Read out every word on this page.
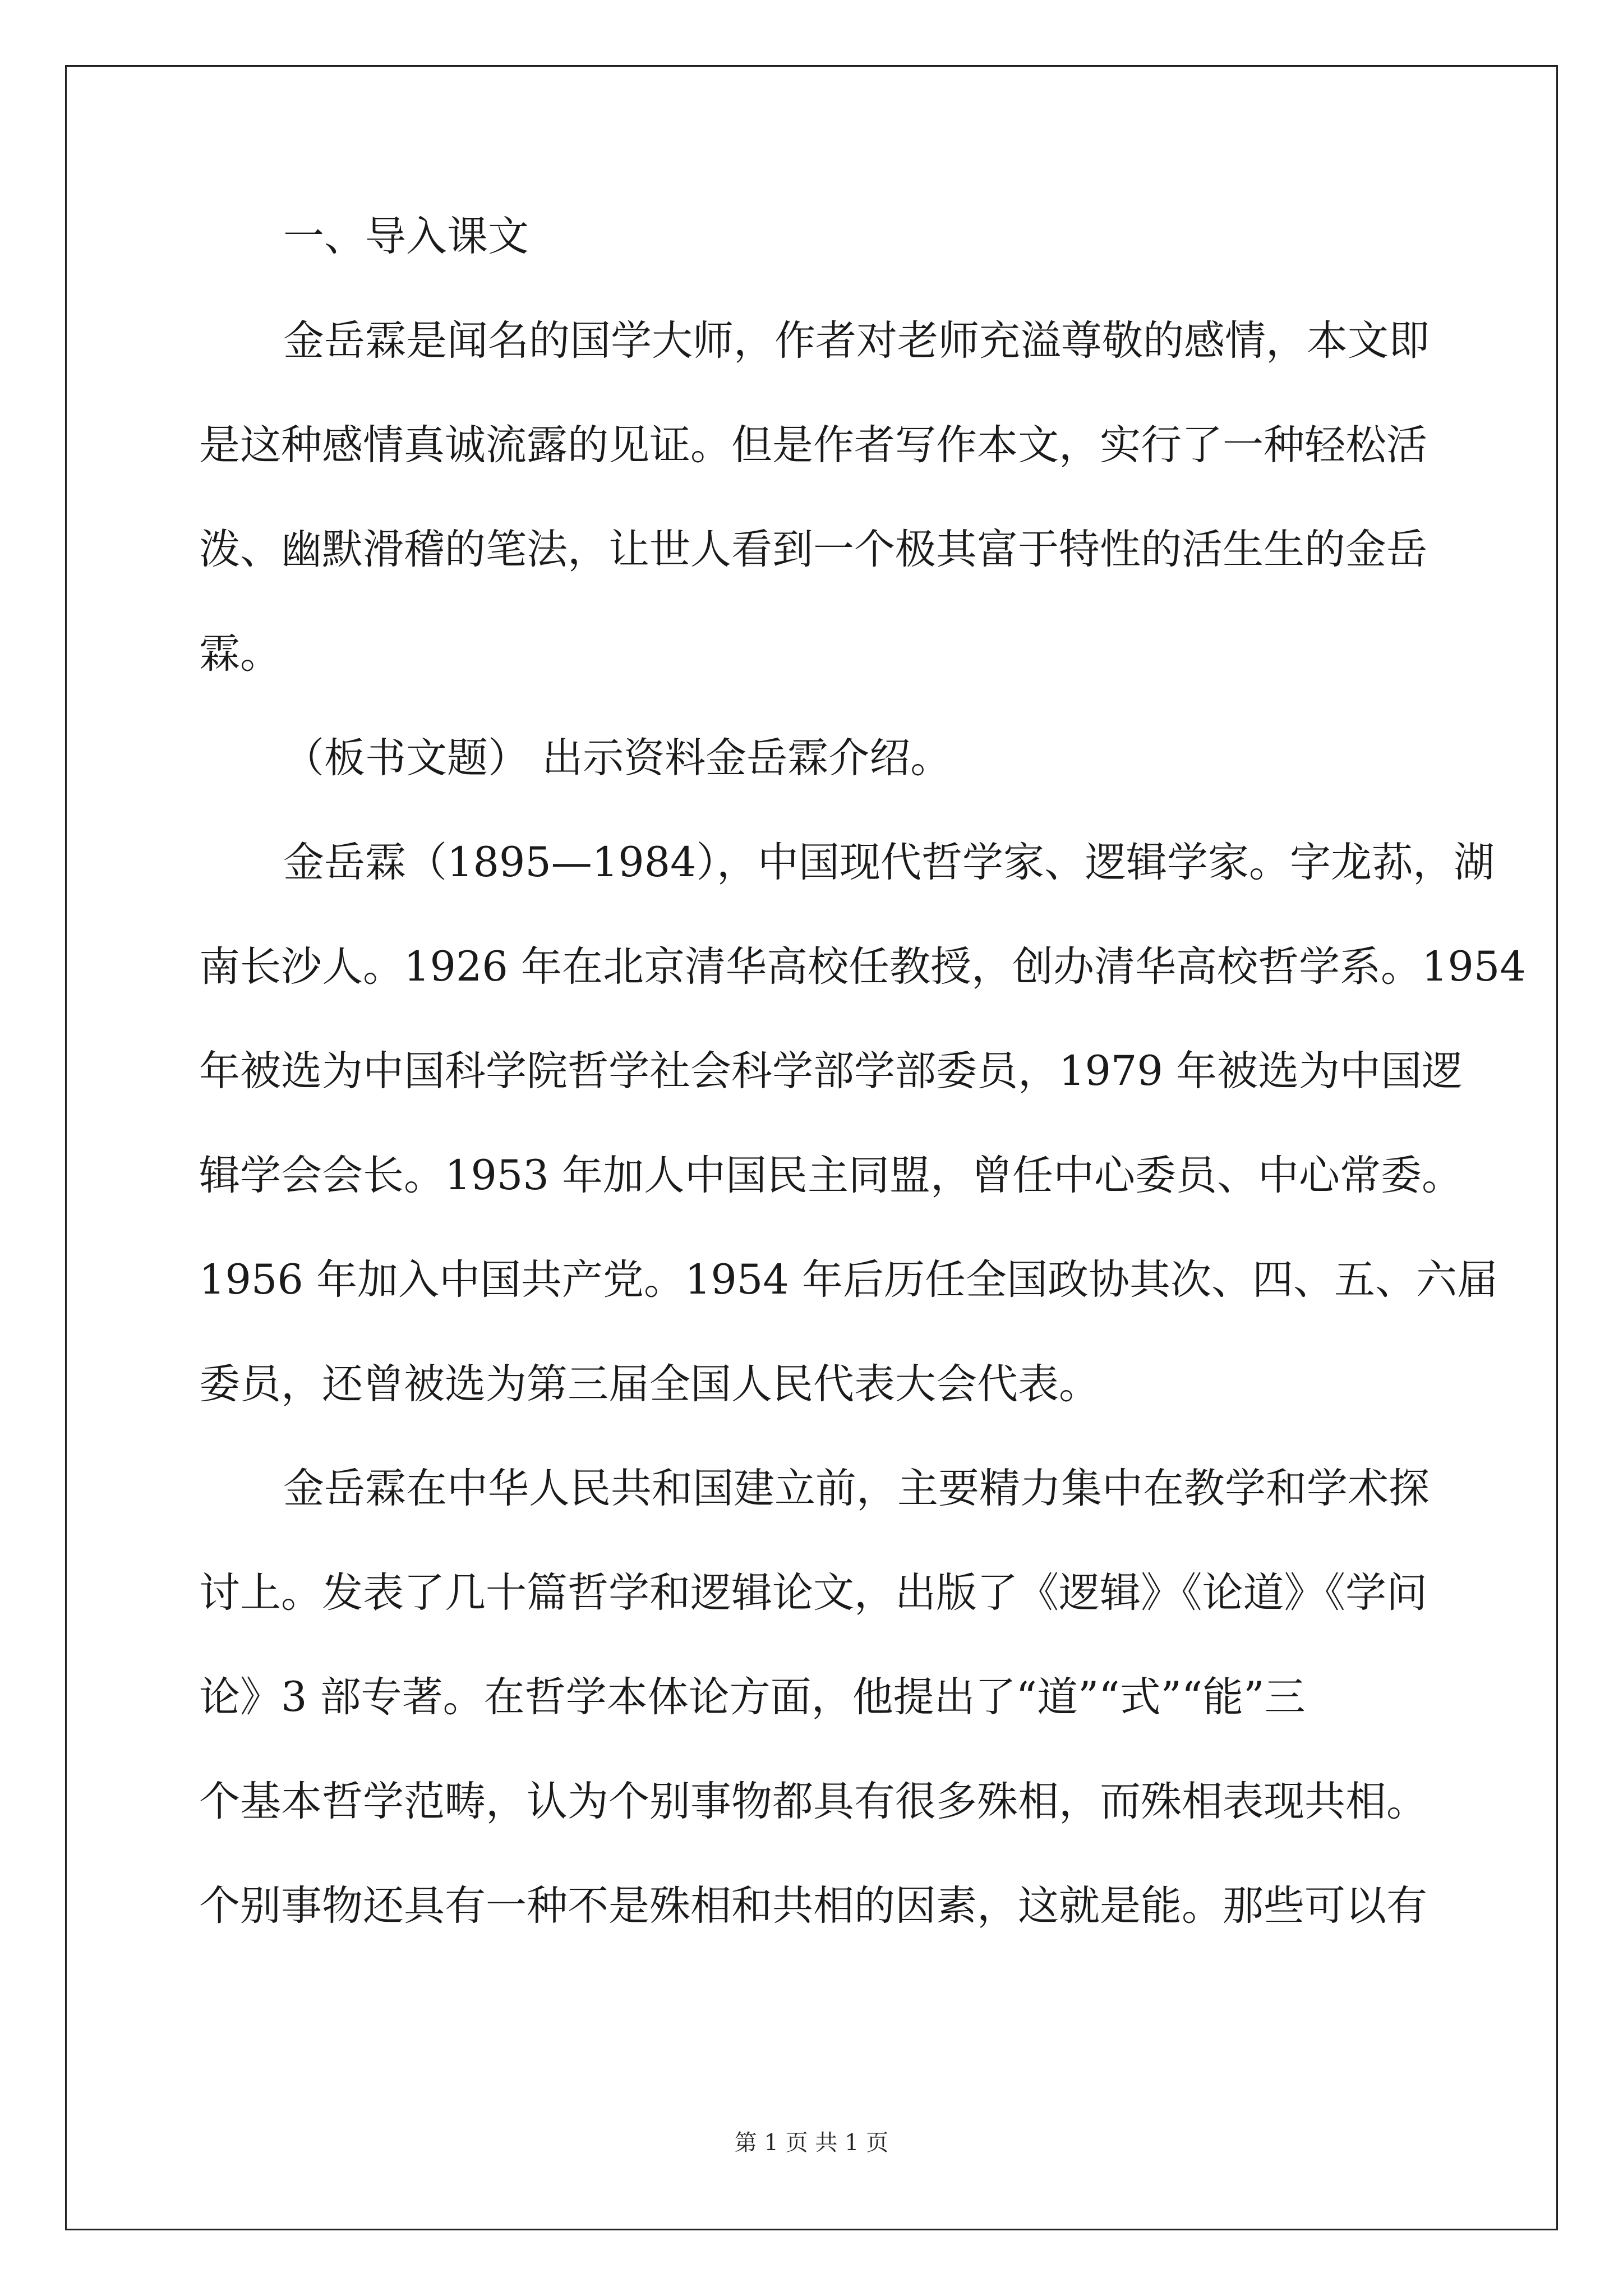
一、导入课文
金岳霖是闻名的国学大师，作者对老师充溢尊敬的感情，本文即
是这种感情真诚流露的见证。但是作者写作本文，实行了一种轻松活
泼、幽默滑稽的笔法，让世人看到一个极其富于特性的活生生的金岳
霖。
（板书文题） 出示资料金岳霖介绍。
金岳霖（1895—1984），中国现代哲学家、逻辑学家。字龙荪，湖
南长沙人。1926 年在北京清华高校任教授，创办清华高校哲学系。1954
年被选为中国科学院哲学社会科学部学部委员，1979 年被选为中国逻
辑学会会长。1953 年加人中国民主同盟，曾任中心委员、中心常委。
1956 年加入中国共产党。1954 年后历任全国政协其次、四、五、六届
委员，还曾被选为第三届全国人民代表大会代表。
金岳霖在中华人民共和国建立前，主要精力集中在教学和学术探
讨上。发表了几十篇哲学和逻辑论文，出版了《逻辑》《论道》《学问
论》3 部专著。在哲学本体论方面，他提出了“道”“式”“能”三
个基本哲学范畴，认为个别事物都具有很多殊相，而殊相表现共相。
个别事物还具有一种不是殊相和共相的因素，这就是能。那些可以有
第 1 页 共 1 页
